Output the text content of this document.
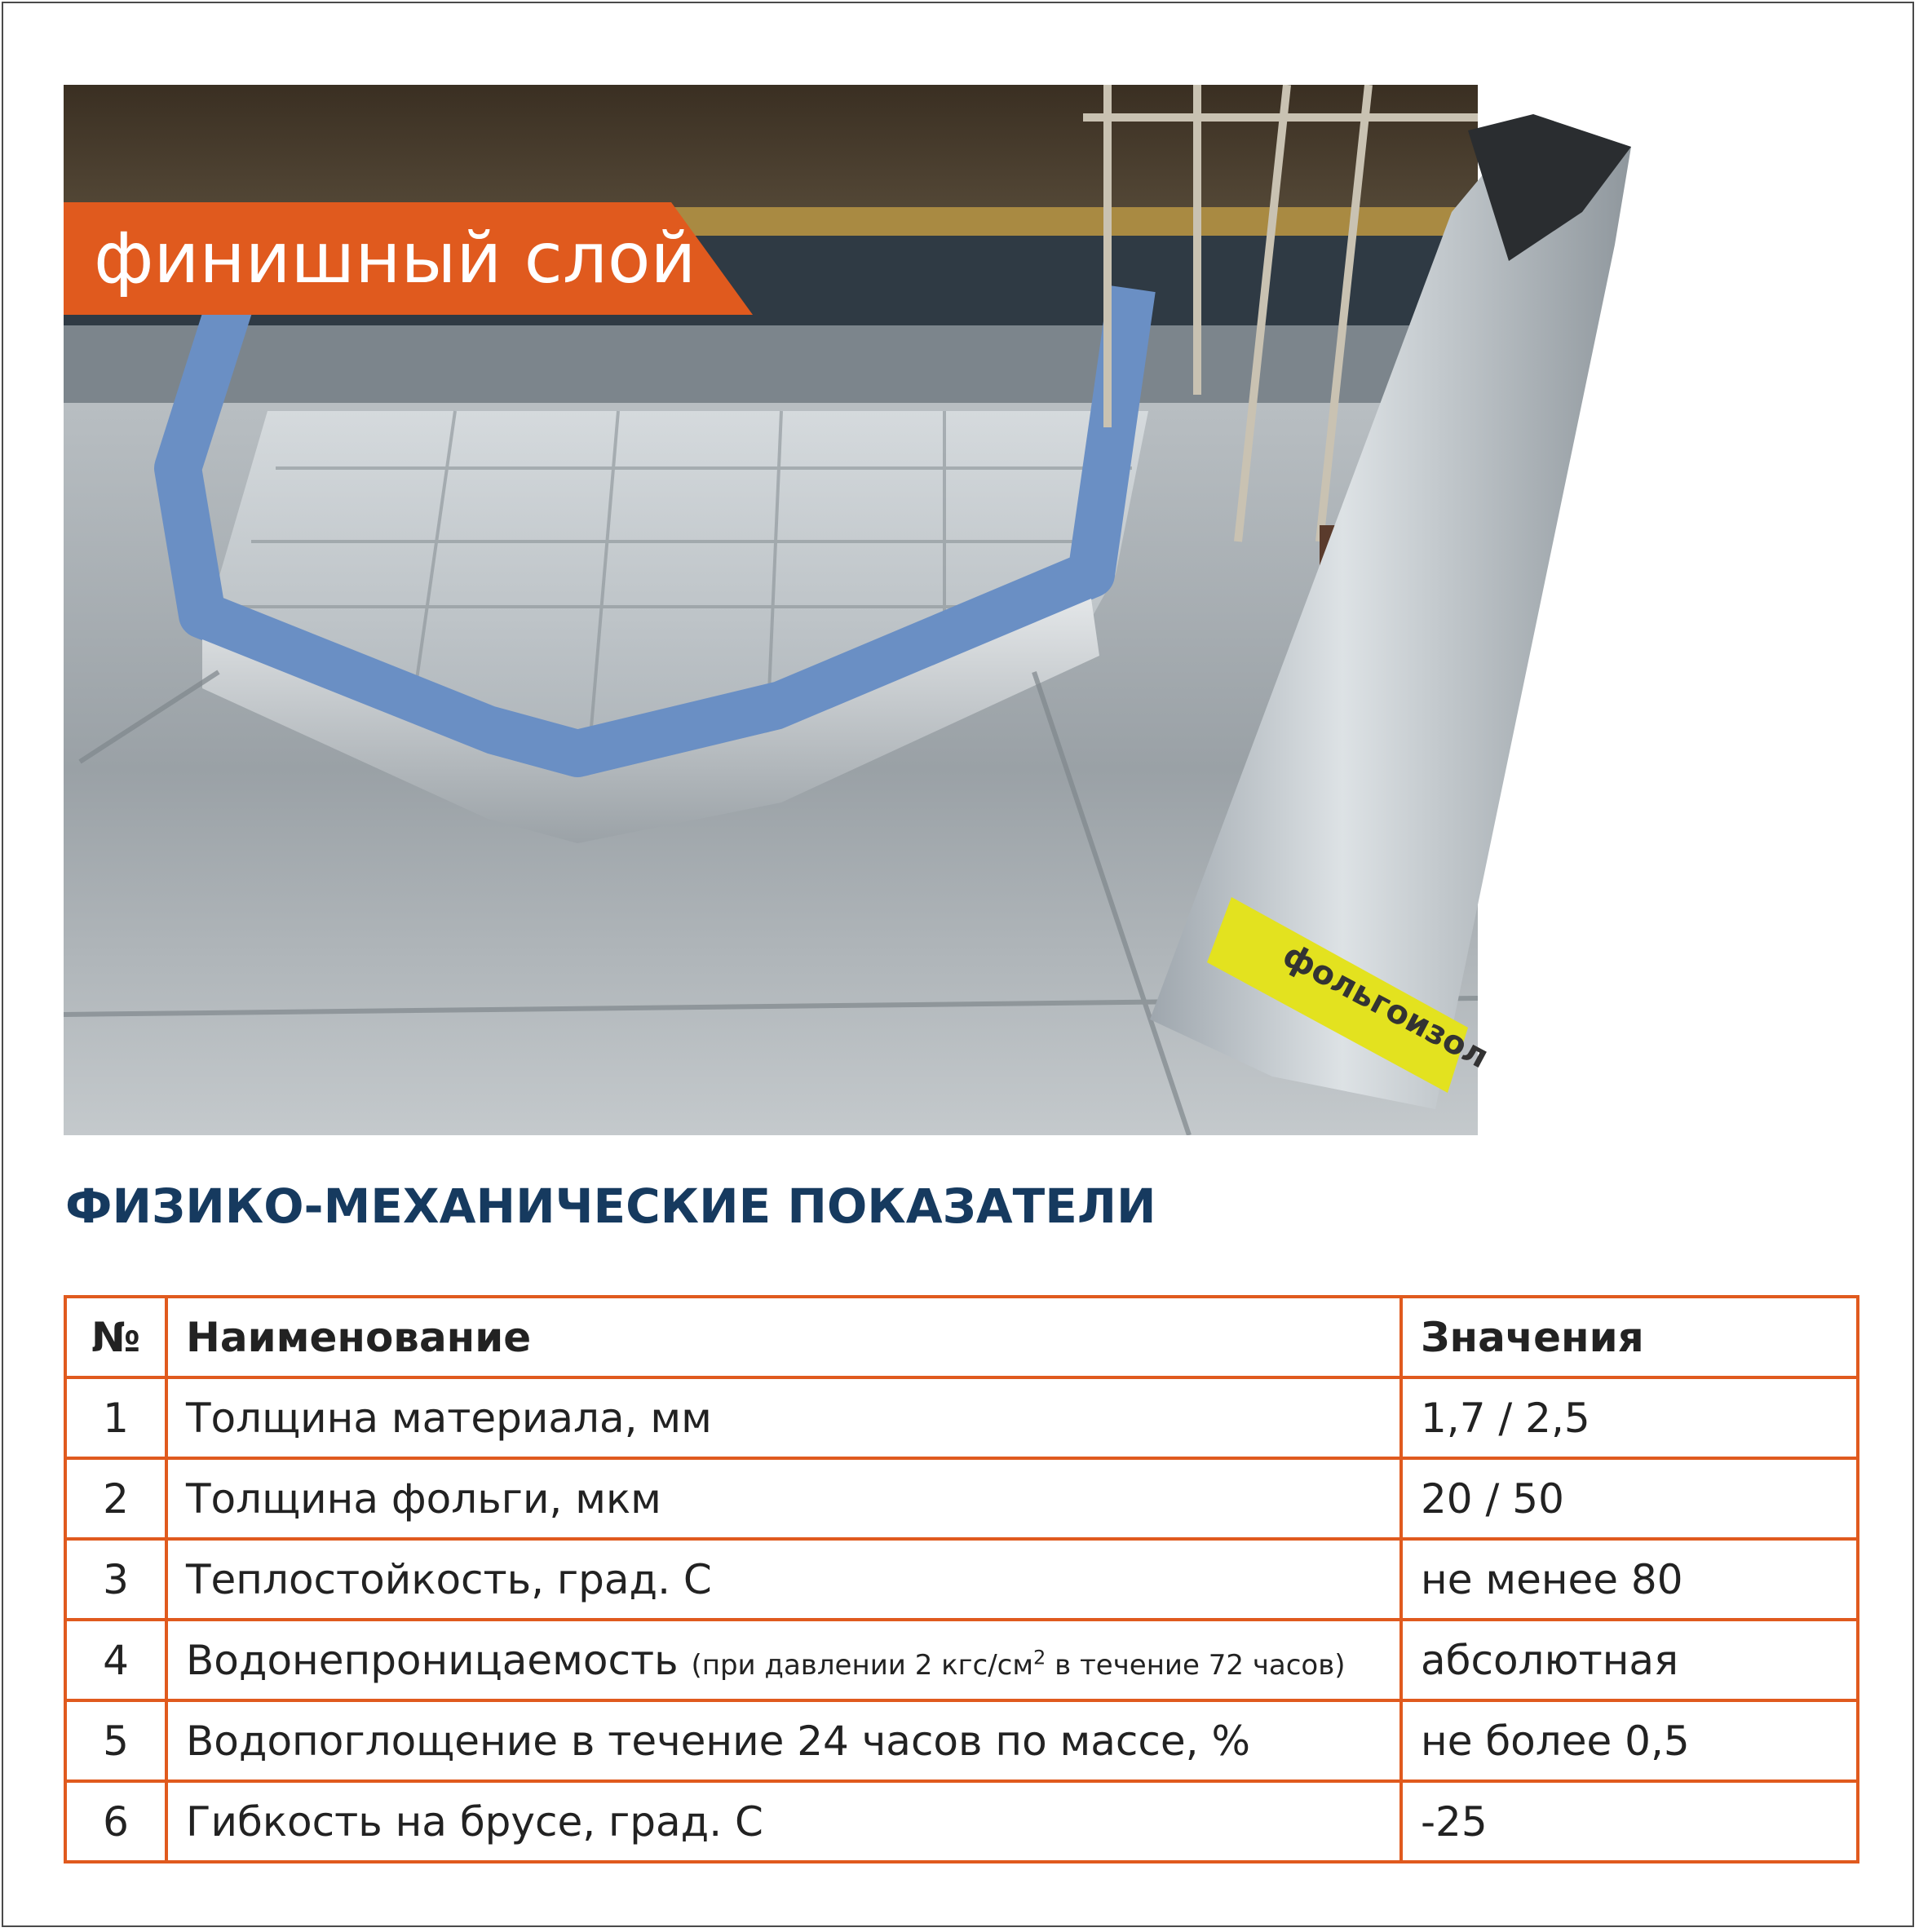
фольгоизол
финишный слой
ФИЗИКО-МЕХАНИЧЕСКИЕ ПОКАЗАТЕЛИ
№	Наименование	Значения
1	Толщина материала, мм	1,7 / 2,5
2	Толщина фольги, мкм	20 / 50
3	Теплостойкость, град. С	не менее 80
4	Водонепроницаемость (при давлении 2 кгс/$см^2$ в течение 72 часов)	абсолютная
5	Водопоглощение в течение 24 часов по массе, %	не более 0,5
6	Гибкость на брусе, град. С	-25
